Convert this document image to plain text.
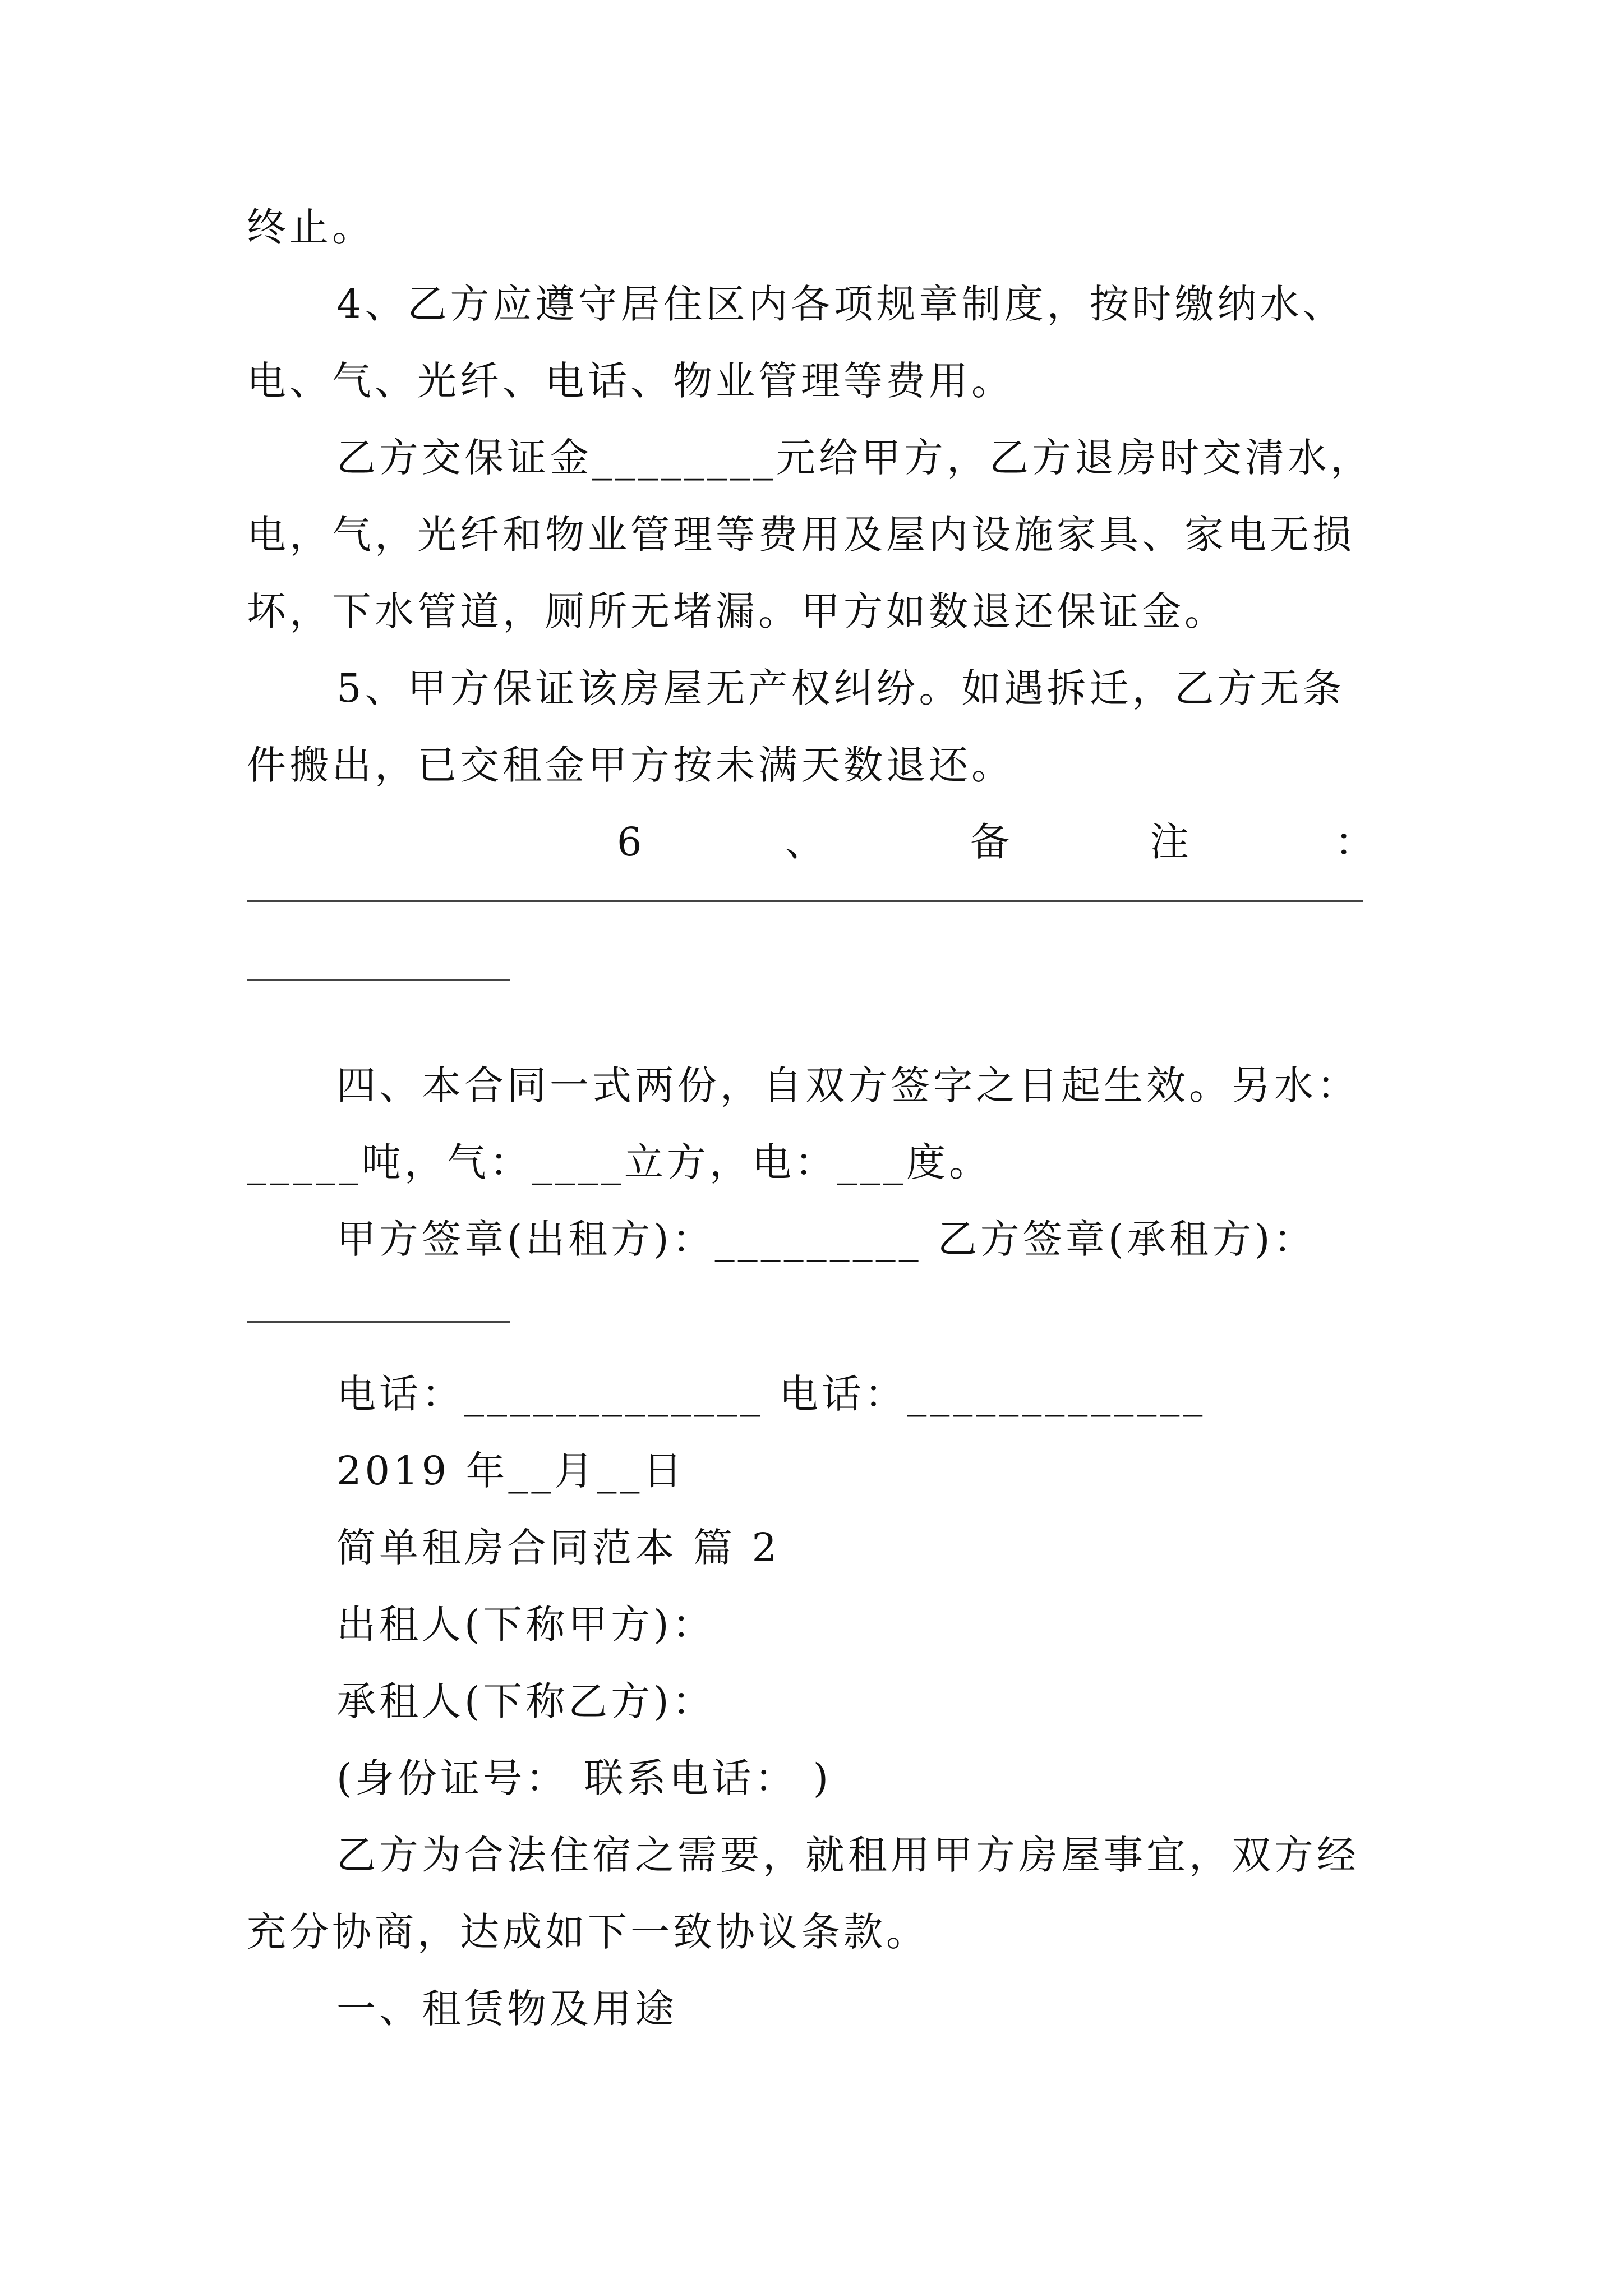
终止。
4、乙方应遵守居住区内各项规章制度，按时缴纳水、
电、气、光纤、电话、物业管理等费用。
乙方交保证金________元给甲方，乙方退房时交清水，
电，气，光纤和物业管理等费用及屋内设施家具、家电无损
坏，下水管道，厕所无堵漏。甲方如数退还保证金。
5、甲方保证该房屋无产权纠纷。如遇拆迁，乙方无条
件搬出，已交租金甲方按未满天数退还。
6	、	备	注	：
四、本合同一式两份，自双方签字之日起生效。另水：
_____吨，气：____立方，电：___度。
甲方签章(出租方)：_________ 乙方签章(承租方)：
电话：_____________ 电话：_____________
2019 年__月__日
简单租房合同范本 篇 2
出租人(下称甲方)：
承租人(下称乙方)：
(身份证号： 联系电话： )
乙方为合法住宿之需要，就租用甲方房屋事宜，双方经
充分协商，达成如下一致协议条款。
一、租赁物及用途
